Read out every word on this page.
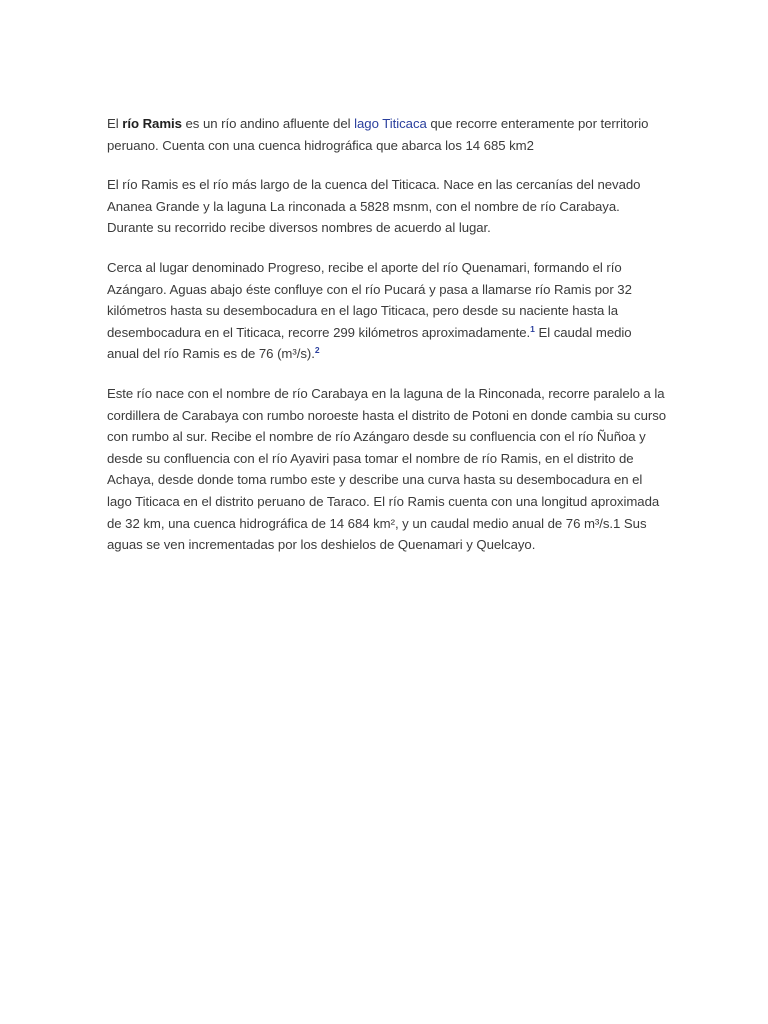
El río Ramis es un río andino afluente del lago Titicaca que recorre enteramente por territorio peruano. Cuenta con una cuenca hidrográfica que abarca los 14 685 km2

El río Ramis es el río más largo de la cuenca del Titicaca. Nace en las cercanías del nevado Ananea Grande y la laguna La rinconada a 5828 msnm, con el nombre de río Carabaya. Durante su recorrido recibe diversos nombres de acuerdo al lugar.

Cerca al lugar denominado Progreso, recibe el aporte del río Quenamari, formando el río Azángaro. Aguas abajo éste confluye con el río Pucará y pasa a llamarse río Ramis por 32 kilómetros hasta su desembocadura en el lago Titicaca, pero desde su naciente hasta la desembocadura en el Titicaca, recorre 299 kilómetros aproximadamente.$^1$ El caudal medio anual del río Ramis es de 76 (m³/s).$^2$

Este río nace con el nombre de río Carabaya en la laguna de la Rinconada, recorre paralelo a la cordillera de Carabaya con rumbo noroeste hasta el distrito de Potoni en donde cambia su curso con rumbo al sur. Recibe el nombre de río Azángaro desde su confluencia con el río Ñuñoa y desde su confluencia con el río Ayaviri pasa tomar el nombre de río Ramis, en el distrito de Achaya, desde donde toma rumbo este y describe una curva hasta su desembocadura en el lago Titicaca en el distrito peruano de Taraco. El río Ramis cuenta con una longitud aproximada de 32 km, una cuenca hidrográfica de 14 684 km², y un caudal medio anual de 76 m³/s.1 Sus aguas se ven incrementadas por los deshielos de Quenamari y Quelcayo.
